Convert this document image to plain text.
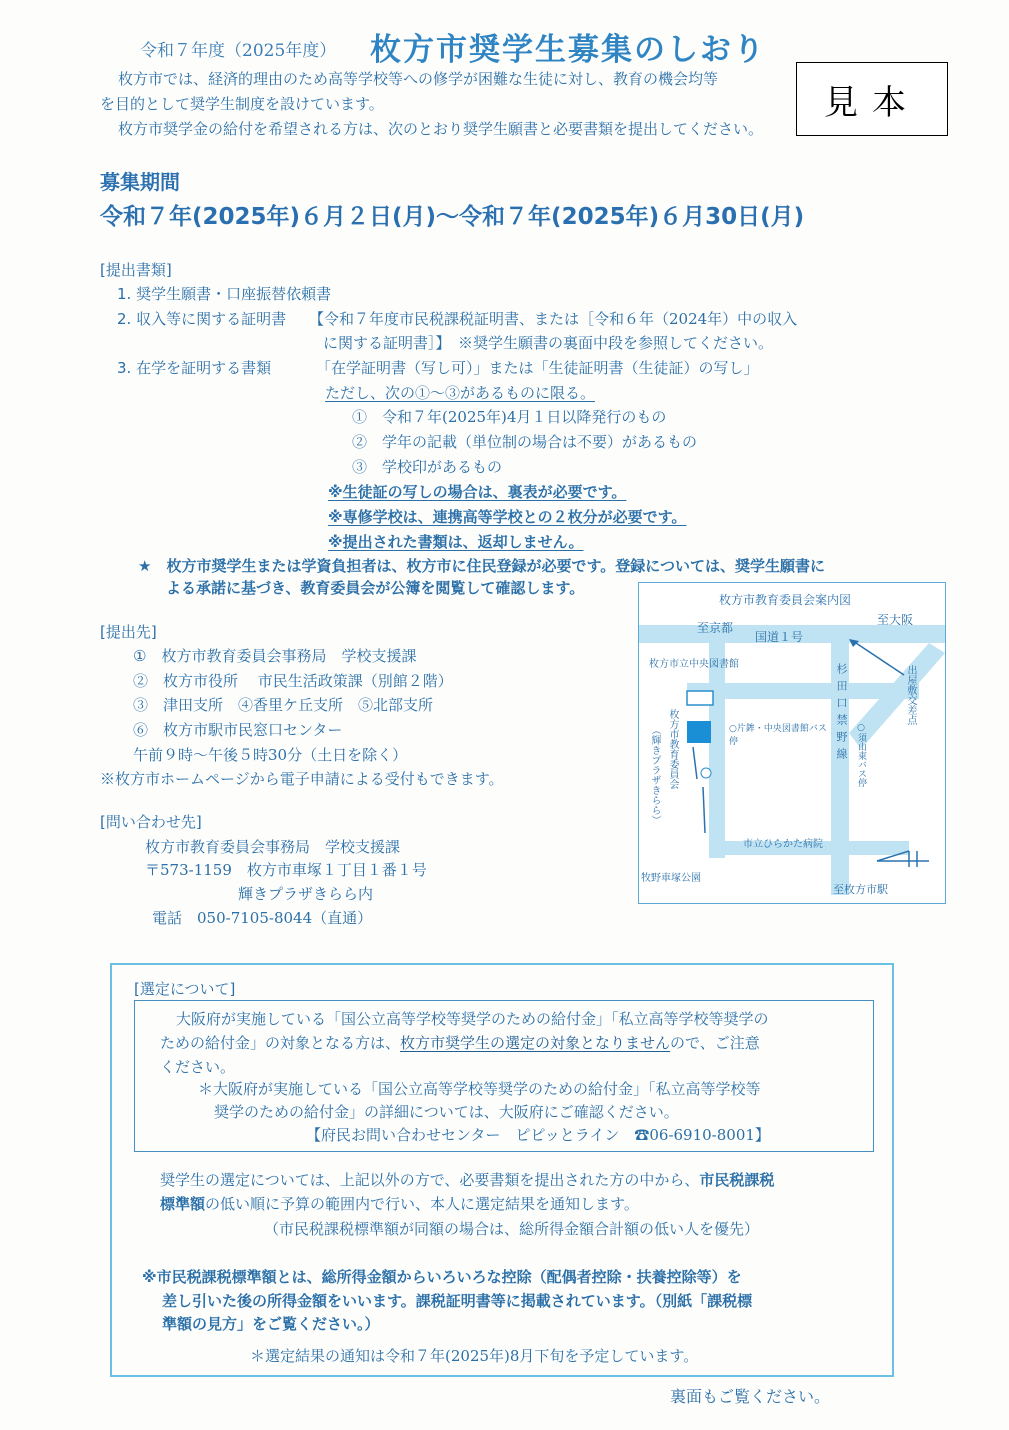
令和７年度（2025年度） 枚方市奨学生募集のしおり
枚方市では、経済的理由のため高等学校等への修学が困難な生徒に対し、教育の機会均等
を目的として奨学生制度を設けています。
枚方市奨学金の給付を希望される方は、次のとおり奨学生願書と必要書類を提出してください。
見本
募集期間
令和７年(2025年)６月２日(月)～令和７年(2025年)６月30日(月)
[提出書類]
1. 奨学生願書・口座振替依頼書
2. 収入等に関する証明書 【令和７年度市民税課税証明書、または［令和６年（2024年）中の収入
に関する証明書］】　※奨学生願書の裏面中段を参照してください。
3. 在学を証明する書類	「在学証明書（写し可）」または「生徒証明書（生徒証）の写し」
ただし、次の①～③があるものに限る。
①　令和７年(2025年)4月１日以降発行のもの
②　学年の記載（単位制の場合は不要）があるもの
③　学校印があるもの
※生徒証の写しの場合は、裏表が必要です。
※専修学校は、連携高等学校との２枚分が必要です。
※提出された書類は、返却しません。
★　枚方市奨学生または学資負担者は、枚方市に住民登録が必要です。登録については、奨学生願書に
よる承諾に基づき、教育委員会が公簿を閲覧して確認します。
[提出先]
①　枚方市教育委員会事務局　学校支援課
②　枚方市役所　 市民生活政策課（別館２階）
③　津田支所　④香里ケ丘支所　⑤北部支所
⑥　枚方市駅市民窓口センター
午前９時～午後５時30分（土日を除く）
※枚方市ホームページから電子申請による受付もできます。
[問い合わせ先]
枚方市教育委員会事務局　学校支援課
〒573-1159　枚方市車塚１丁目１番１号
輝きプラザきらら内
電話　050-7105-8044（直通）
枚方市教育委員会案内図
至大阪
至京都
国道１号
枚方市立中央図書館
出屋敷交差点
杉田口禁野線
枚方市教育委員会
（輝きプラザきらら）	○片鉾・中央図書館バス停	○須山東バス停
市立ひらかた病院
牧野車塚公園
至枚方市駅
[選定について]
大阪府が実施している「国公立高等学校等奨学のための給付金」「私立高等学校等奨学の
ための給付金」の対象となる方は、枚方市奨学生の選定の対象となりませんので、ご注意
ください。
＊大阪府が実施している「国公立高等学校等奨学のための給付金」「私立高等学校等
奨学のための給付金」の詳細については、大阪府にご確認ください。
【府民お問い合わせセンター　ピピッとライン　☎06-6910-8001】
奨学生の選定については、上記以外の方で、必要書類を提出された方の中から、市民税課税
標準額の低い順に予算の範囲内で行い、本人に選定結果を通知します。
（市民税課税標準額が同額の場合は、総所得金額合計額の低い人を優先）
※市民税課税標準額とは、総所得金額からいろいろな控除（配偶者控除・扶養控除等）を
差し引いた後の所得金額をいいます。課税証明書等に掲載されています。（別紙「課税標
準額の見方」をご覧ください。）
＊選定結果の通知は令和７年(2025年)8月下旬を予定しています。
裏面もご覧ください。
